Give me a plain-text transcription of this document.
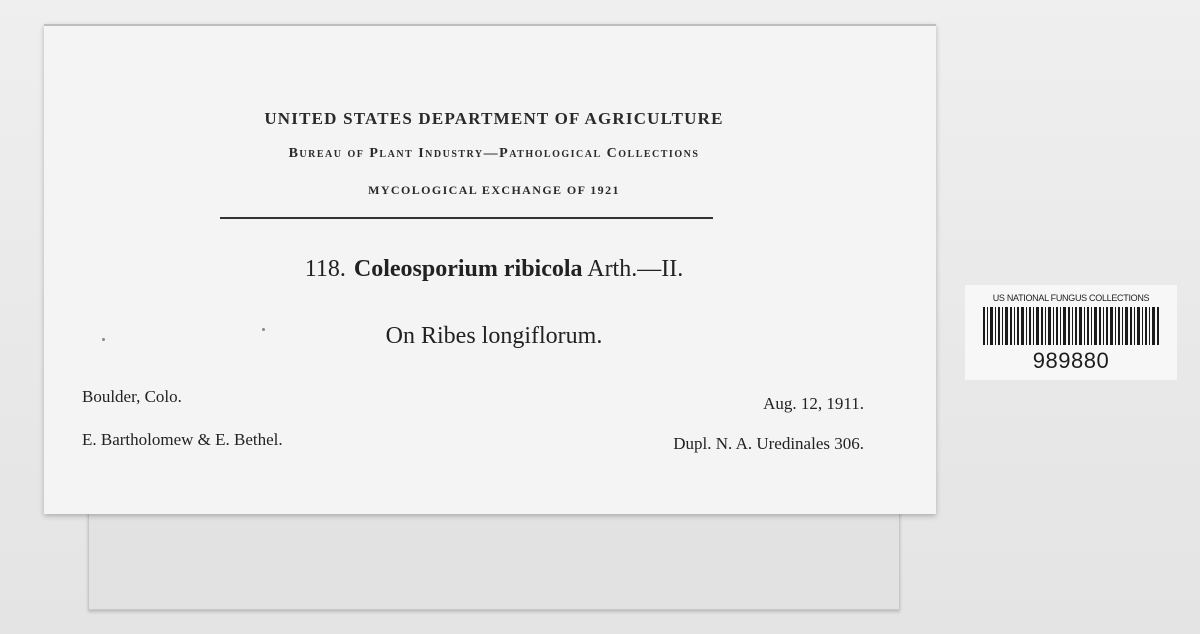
UNITED STATES DEPARTMENT OF AGRICULTURE
Bureau of Plant Industry—Pathological Collections
MYCOLOGICAL EXCHANGE OF 1921
118. Coleosporium ribicola Arth.—II.
On Ribes longiflorum.
Boulder, Colo.
E. Bartholomew & E. Bethel.
Aug. 12, 1911.
Dupl. N. A. Uredinales 306.
US NATIONAL FUNGUS COLLECTIONS
989880
